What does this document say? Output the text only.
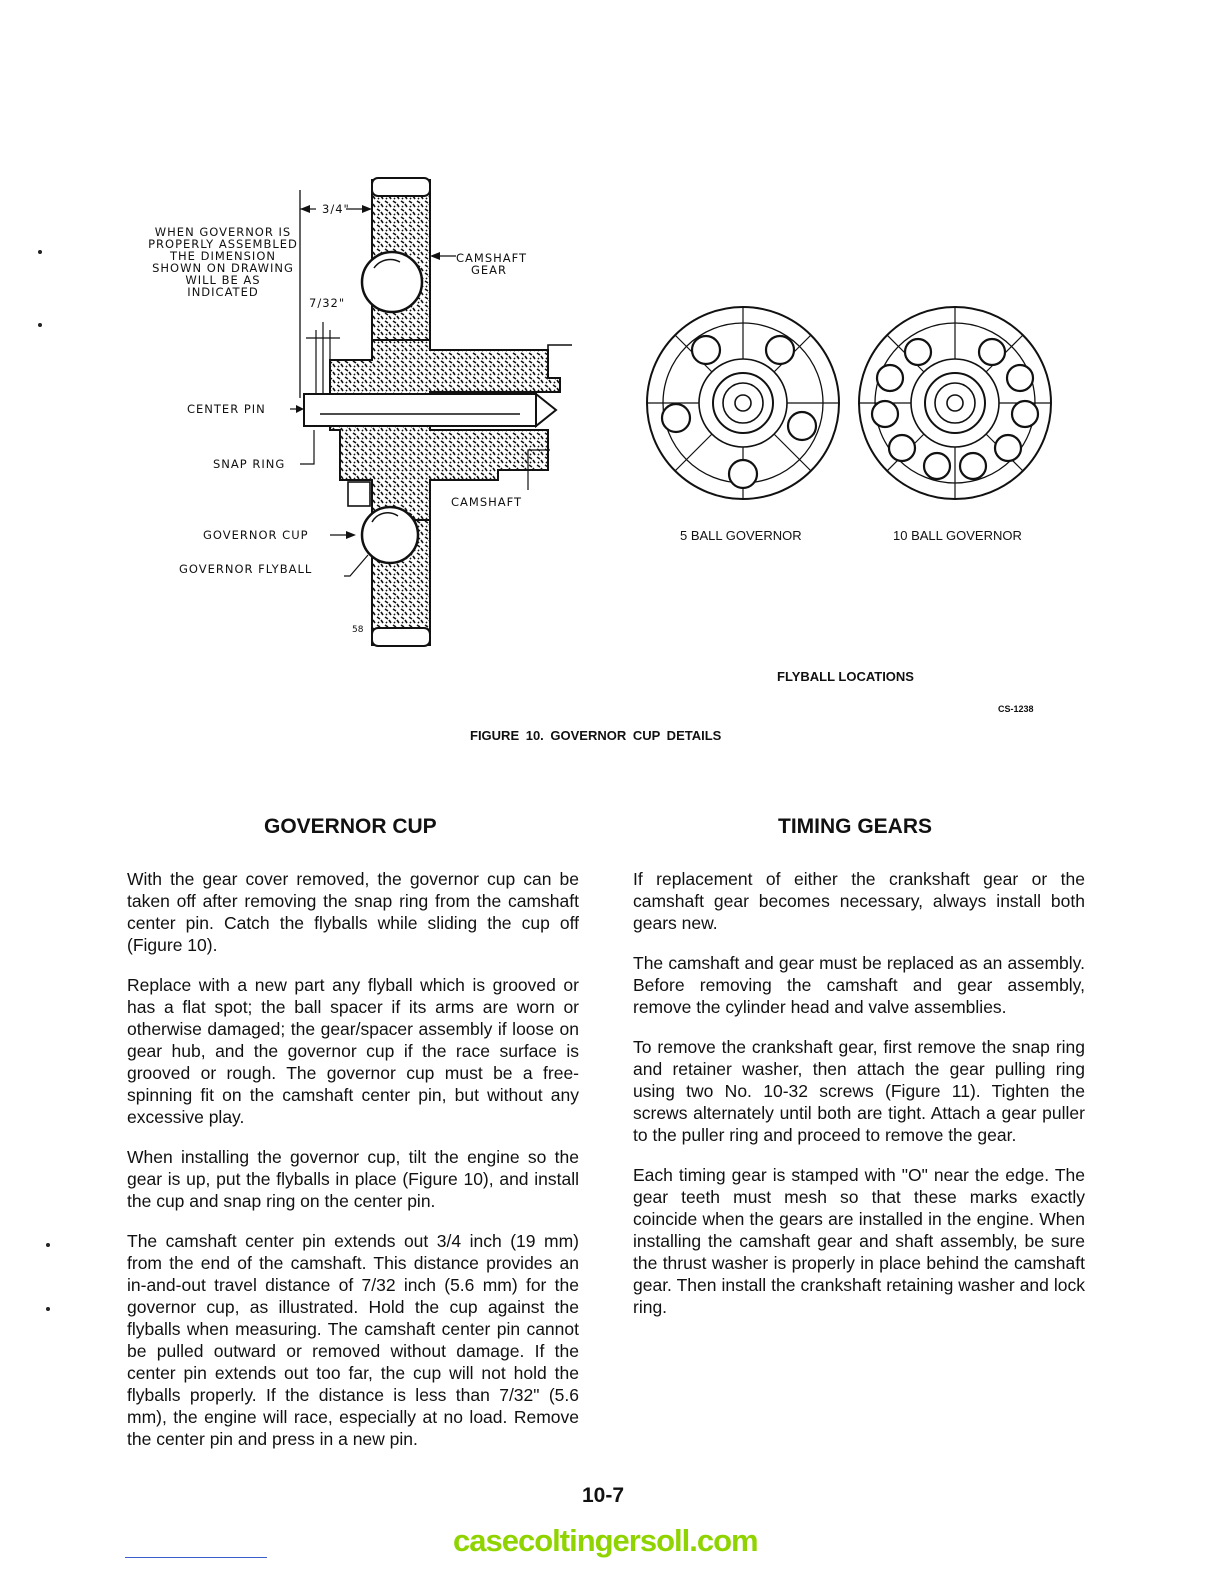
WHEN GOVERNOR IS PROPERLY ASSEMBLED THE DIMENSION SHOWN ON DRAWING WILL BE AS INDICATED
3/4"
7/32"
CAMSHAFT GEAR
CENTER PIN
SNAP RING
CAMSHAFT
GOVERNOR CUP
GOVERNOR FLYBALL
58
5 BALL GOVERNOR	10 BALL GOVERNOR
FLYBALL LOCATIONS
CS-1238
FIGURE 10. GOVERNOR CUP DETAILS
GOVERNOR CUP	TIMING GEARS

With the gear cover removed, the governor cup can be taken off after removing the snap ring from the camshaft center pin. Catch the flyballs while sliding the cup off (Figure 10).

Replace with a new part any flyball which is grooved or has a flat spot; the ball spacer if its arms are worn or otherwise damaged; the gear/spacer assembly if loose on gear hub, and the governor cup if the race surface is grooved or rough. The governor cup must be a free-spinning fit on the camshaft center pin, but without any excessive play.

When installing the governor cup, tilt the engine so the gear is up, put the flyballs in place (Figure 10), and install the cup and snap ring on the center pin.

The camshaft center pin extends out 3/4 inch (19 mm) from the end of the camshaft. This distance provides an in-and-out travel distance of 7/32 inch (5.6 mm) for the governor cup, as illustrated. Hold the cup against the flyballs when measuring. The camshaft center pin cannot be pulled outward or removed without damage. If the center pin extends out too far, the cup will not hold the flyballs properly. If the distance is less than 7/32" (5.6 mm), the engine will race, especially at no load. Remove the center pin and press in a new pin.

If replacement of either the crankshaft gear or the camshaft gear becomes necessary, always install both gears new.

The camshaft and gear must be replaced as an assembly. Before removing the camshaft and gear assembly, remove the cylinder head and valve assemblies.

To remove the crankshaft gear, first remove the snap ring and retainer washer, then attach the gear pulling ring using two No. 10-32 screws (Figure 11). Tighten the screws alternately until both are tight. Attach a gear puller to the puller ring and proceed to remove the gear.

Each timing gear is stamped with "O" near the edge. The gear teeth must mesh so that these marks exactly coincide when the gears are installed in the engine. When installing the camshaft gear and shaft assembly, be sure the thrust washer is properly in place behind the camshaft gear. Then install the crankshaft retaining washer and lock ring.

10-7
casecoltingersoll.com
